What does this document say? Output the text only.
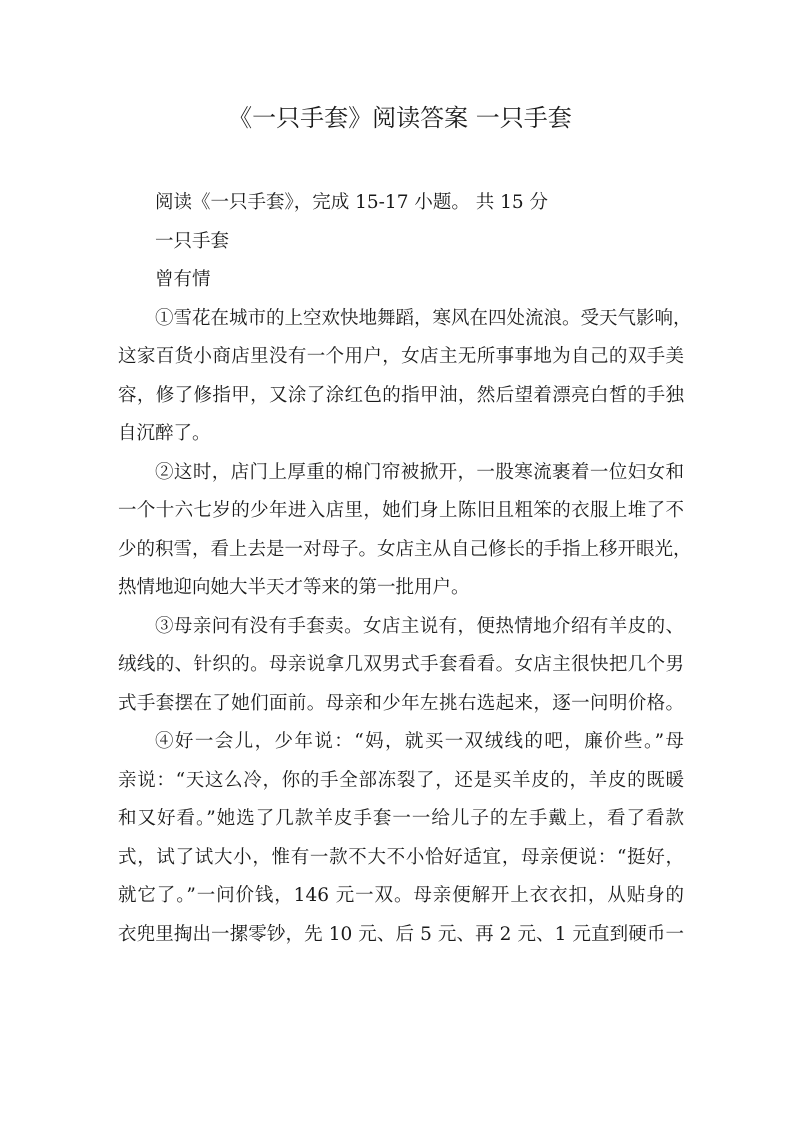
《一只手套》阅读答案 一只手套
阅读《一只手套》，完成 15-17 小题。 共 15 分
一只手套
曾有情
①雪花在城市的上空欢快地舞蹈，寒风在四处流浪。受天气影响，
这家百货小商店里没有一个用户，女店主无所事事地为自己的双手美
容，修了修指甲，又涂了涂红色的指甲油，然后望着漂亮白皙的手独
自沉醉了。
②这时，店门上厚重的棉门帘被掀开，一股寒流裹着一位妇女和
一个十六七岁的少年进入店里，她们身上陈旧且粗笨的衣服上堆了不
少的积雪，看上去是一对母子。女店主从自己修长的手指上移开眼光，
热情地迎向她大半天才等来的第一批用户。
③母亲问有没有手套卖。女店主说有，便热情地介绍有羊皮的、
绒线的、针织的。母亲说拿几双男式手套看看。女店主很快把几个男
式手套摆在了她们面前。母亲和少年左挑右选起来，逐一问明价格。
④好一会儿，少年说：“妈，就买一双绒线的吧，廉价些。”母
亲说：“天这么冷，你的手全部冻裂了，还是买羊皮的，羊皮的既暖
和又好看。”她选了几款羊皮手套一一给儿子的左手戴上，看了看款
式，试了试大小，惟有一款不大不小恰好适宜，母亲便说：“挺好，
就它了。”一问价钱，146 元一双。母亲便解开上衣衣扣，从贴身的
衣兜里掏出一摞零钞，先 10 元、后 5 元、再 2 元、1 元直到硬币一
